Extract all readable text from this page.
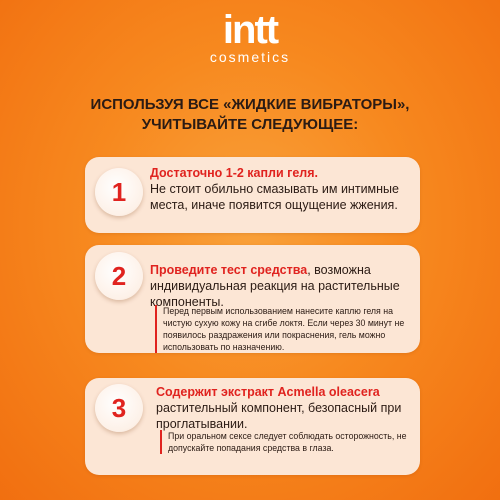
intt
cosmetics
ИСПОЛЬЗУЯ ВСЕ «ЖИДКИЕ ВИБРАТОРЫ»,
УЧИТЫВАЙТЕ СЛЕДУЮЩЕЕ:
1
2
3
Достаточно 1-2 капли геля.
Не стоит обильно смазывать им интимные места, иначе появится ощущение жжения.
Проведите тест средства, возможна индивидуальная реакция на растительные компоненты.
Перед первым использованием нанесите каплю геля на чистую сухую кожу на сгибе локтя. Если через 30 минут не появилось раздражения или покраснения, гель можно использовать по назначению.
Содержит экстракт Acmella oleacera
растительный компонент, безопасный при проглатывании.
При оральном сексе следует соблюдать осторожность, не допускайте попадания средства в глаза.
